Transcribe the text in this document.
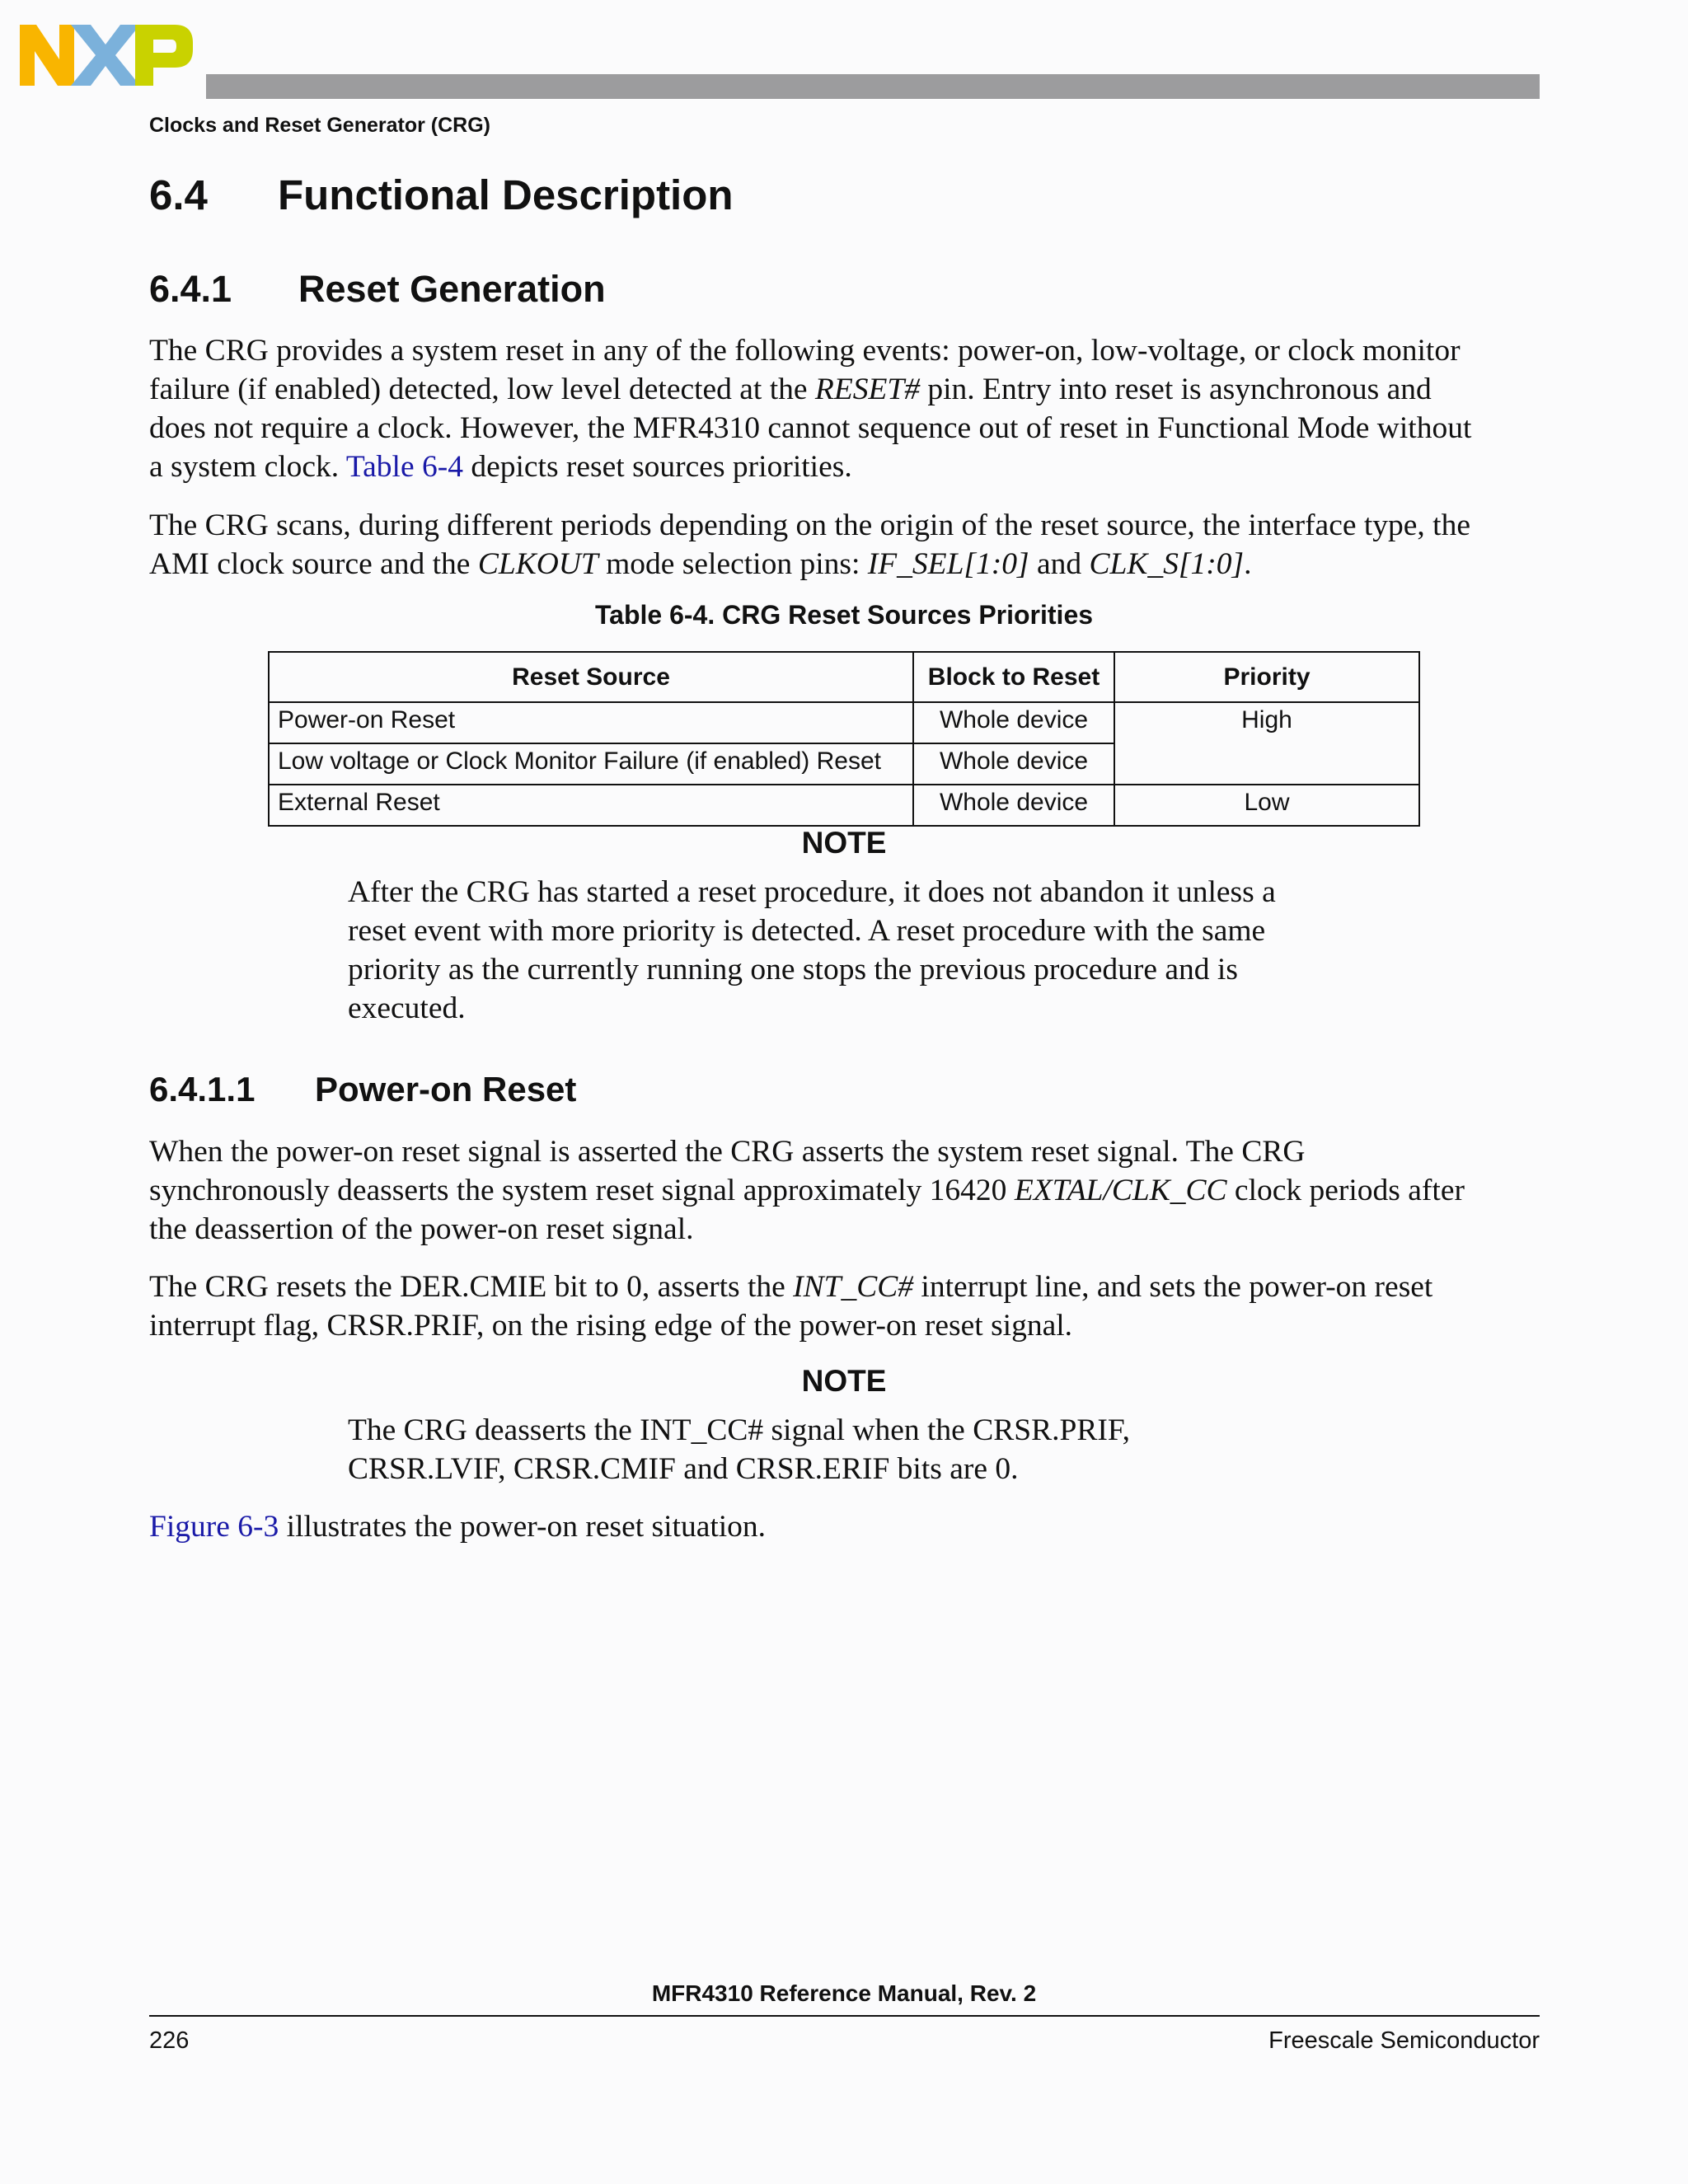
Clocks and Reset Generator (CRG)
6.4 Functional Description
6.4.1 Reset Generation

The CRG provides a system reset in any of the following events: power-on, low-voltage, or clock monitor
failure (if enabled) detected, low level detected at the RESET# pin. Entry into reset is asynchronous and
does not require a clock. However, the MFR4310 cannot sequence out of reset in Functional Mode without
a system clock. Table 6-4 depicts reset sources priorities.

The CRG scans, during different periods depending on the origin of the reset source, the interface type, the
AMI clock source and the CLKOUT mode selection pins: IF_SEL[1:0] and CLK_S[1:0].

Table 6-4. CRG Reset Sources Priorities
Reset Source	Block to Reset	Priority
Power-on Reset	Whole device	High
Low voltage or Clock Monitor Failure (if enabled) Reset	Whole device	
External Reset	Whole device	Low
NOTE
After the CRG has started a reset procedure, it does not abandon it unless a
reset event with more priority is detected. A reset procedure with the same
priority as the currently running one stops the previous procedure and is
executed.
6.4.1.1 Power-on Reset

When the power-on reset signal is asserted the CRG asserts the system reset signal. The CRG
synchronously deasserts the system reset signal approximately 16420 EXTAL/CLK_CC clock periods after
the deassertion of the power-on reset signal.

The CRG resets the DER.CMIE bit to 0, asserts the INT_CC# interrupt line, and sets the power-on reset
interrupt flag, CRSR.PRIF, on the rising edge of the power-on reset signal.

NOTE
The CRG deasserts the INT_CC# signal when the CRSR.PRIF,
CRSR.LVIF, CRSR.CMIF and CRSR.ERIF bits are 0.

Figure 6-3 illustrates the power-on reset situation.

MFR4310 Reference Manual, Rev. 2
226	Freescale Semiconductor
